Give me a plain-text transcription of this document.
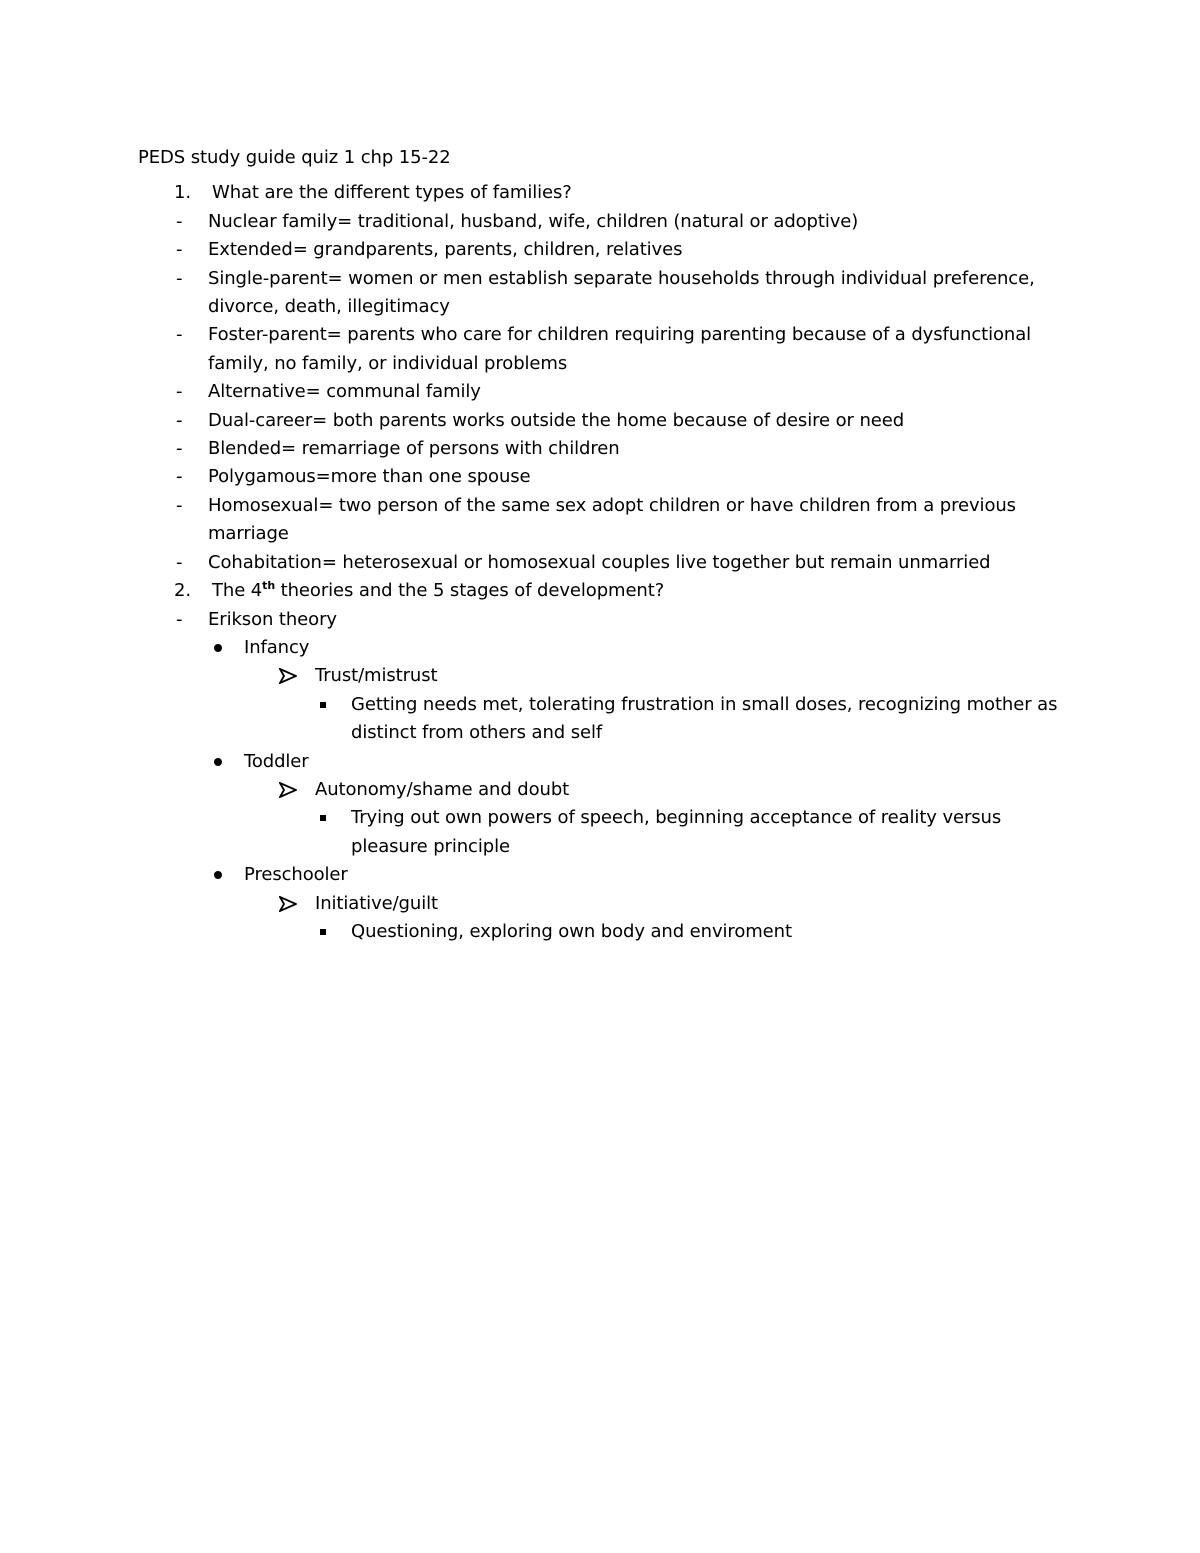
PEDS study guide quiz 1 chp 15-22
1.	What are the different types of families?
- Nuclear family= traditional, husband, wife, children (natural or adoptive)
- Extended= grandparents, parents, children, relatives
- Single-parent= women or men establish separate households through individual preference, divorce, death, illegitimacy
- Foster-parent= parents who care for children requiring parenting because of a dysfunctional family, no family, or individual problems
- Alternative= communal family
- Dual-career= both parents works outside the home because of desire or need
- Blended= remarriage of persons with children
- Polygamous=more than one spouse
- Homosexual= two person of the same sex adopt children or have children from a previous marriage
- Cohabitation= heterosexual or homosexual couples live together but remain unmarried
2.	The 4th theories and the 5 stages of development?
- Erikson theory
Infancy
Trust/mistrust
Getting needs met, tolerating frustration in small doses, recognizing mother as distinct from others and self
Toddler
Autonomy/shame and doubt
Trying out own powers of speech, beginning acceptance of reality versus pleasure principle
Preschooler
Initiative/guilt
Questioning, exploring own body and enviroment
